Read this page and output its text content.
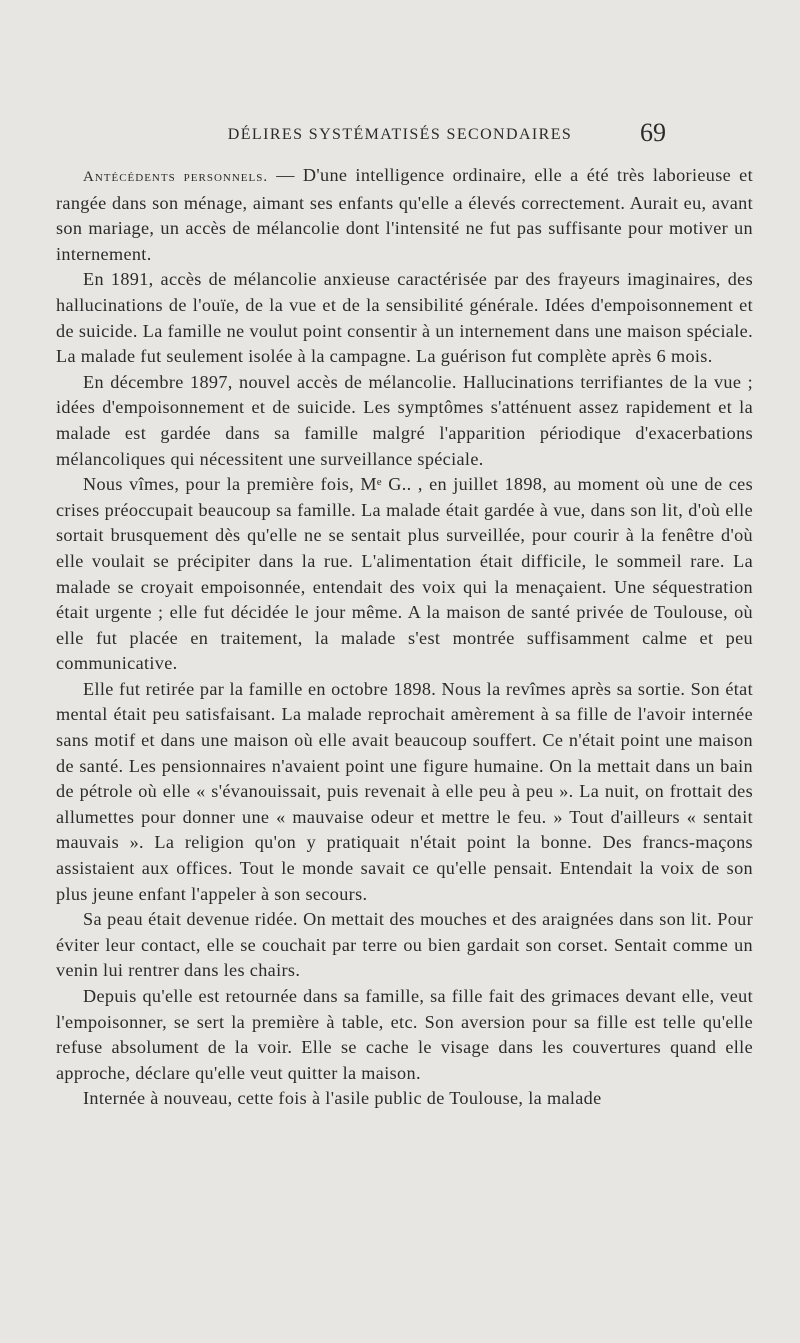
DÉLIRES SYSTÉMATISÉS SECONDAIRES	69

Antécédents personnels. — D'une intelligence ordinaire, elle a été très laborieuse et rangée dans son ménage, aimant ses enfants qu'elle a élevés correctement. Aurait eu, avant son mariage, un accès de mélancolie dont l'intensité ne fut pas suffisante pour motiver un internement.

En 1891, accès de mélancolie anxieuse caractérisée par des frayeurs imaginaires, des hallucinations de l'ouïe, de la vue et de la sensibilité générale. Idées d'empoisonnement et de suicide. La famille ne voulut point consentir à un internement dans une maison spéciale. La malade fut seulement isolée à la campagne. La guérison fut complète après 6 mois.

En décembre 1897, nouvel accès de mélancolie. Hallucinations terrifiantes de la vue ; idées d'empoisonnement et de suicide. Les symptômes s'atténuent assez rapidement et la malade est gardée dans sa famille malgré l'apparition périodique d'exacerbations mélancoliques qui nécessitent une surveillance spéciale.

Nous vîmes, pour la première fois, Mᵉ G.. , en juillet 1898, au moment où une de ces crises préoccupait beaucoup sa famille. La malade était gardée à vue, dans son lit, d'où elle sortait brusquement dès qu'elle ne se sentait plus surveillée, pour courir à la fenêtre d'où elle voulait se précipiter dans la rue. L'alimentation était difficile, le sommeil rare. La malade se croyait empoisonnée, entendait des voix qui la menaçaient. Une séquestration était urgente ; elle fut décidée le jour même. A la maison de santé privée de Toulouse, où elle fut placée en traitement, la malade s'est montrée suffisamment calme et peu communicative.

Elle fut retirée par la famille en octobre 1898. Nous la revîmes après sa sortie. Son état mental était peu satisfaisant. La malade reprochait amèrement à sa fille de l'avoir internée sans motif et dans une maison où elle avait beaucoup souffert. Ce n'était point une maison de santé. Les pensionnaires n'avaient point une figure humaine. On la mettait dans un bain de pétrole où elle « s'évanouissait, puis revenait à elle peu à peu ». La nuit, on frottait des allumettes pour donner une « mauvaise odeur et mettre le feu. » Tout d'ailleurs « sentait mauvais ». La religion qu'on y pratiquait n'était point la bonne. Des francs-maçons assistaient aux offices. Tout le monde savait ce qu'elle pensait. Entendait la voix de son plus jeune enfant l'appeler à son secours.

Sa peau était devenue ridée. On mettait des mouches et des araignées dans son lit. Pour éviter leur contact, elle se couchait par terre ou bien gardait son corset. Sentait comme un venin lui rentrer dans les chairs.

Depuis qu'elle est retournée dans sa famille, sa fille fait des grimaces devant elle, veut l'empoisonner, se sert la première à table, etc. Son aversion pour sa fille est telle qu'elle refuse absolument de la voir. Elle se cache le visage dans les couvertures quand elle approche, déclare qu'elle veut quitter la maison.

Internée à nouveau, cette fois à l'asile public de Toulouse, la malade
